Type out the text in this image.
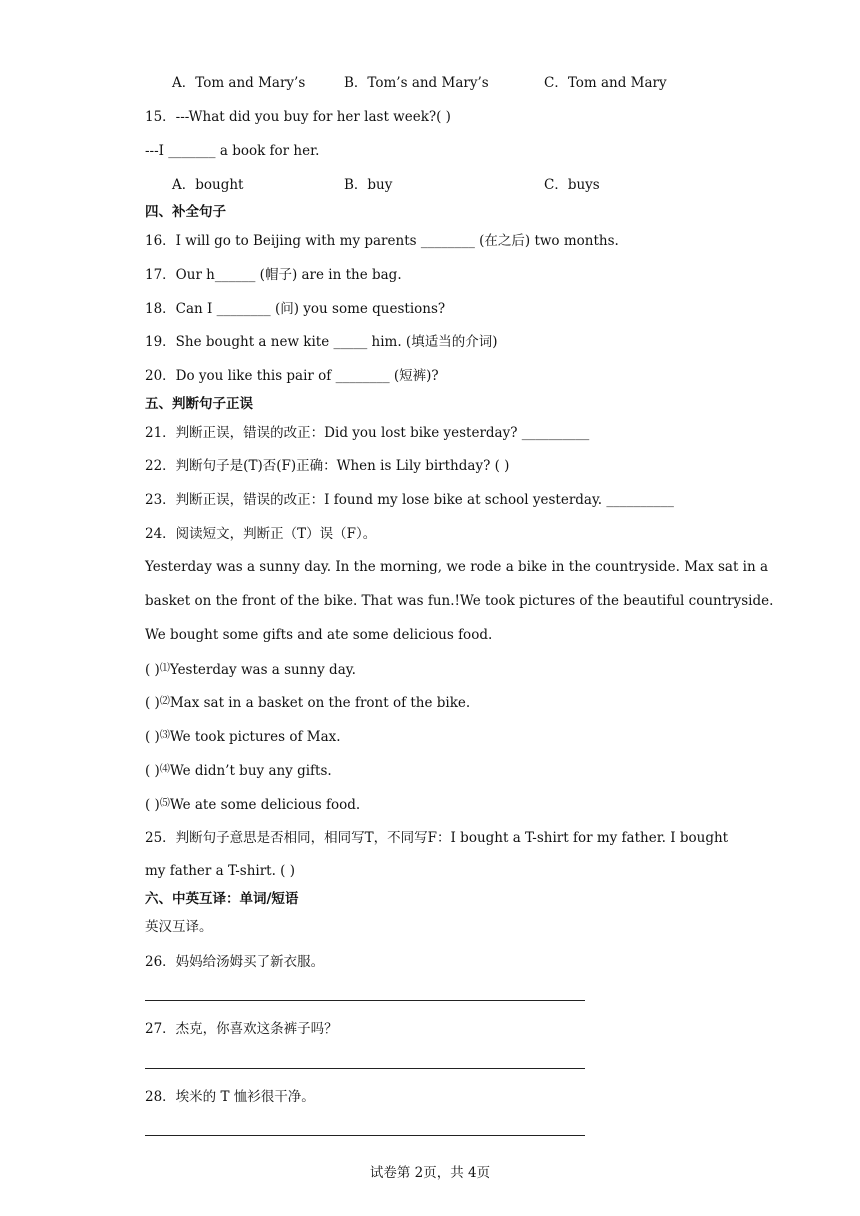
A．Tom and Mary’s	B．Tom’s and Mary’s	C．Tom and Mary
15．---What did you buy for her last week?( )
---I _______ a book for her.
A．bought	B．buy	C．buys
四、补全句子
16．I will go to Beijing with my parents ________ (在之后) two months.
17．Our h______ (帽子) are in the bag.
18．Can I ________ (问) you some questions?
19．She bought a new kite _____ him. (填适当的介词)
20．Do you like this pair of ________ (短裤)?
五、判断句子正误
21．判断正误，错误的改正：Did you lost bike yesterday? __________
22．判断句子是(T)否(F)正确：When is Lily birthday? ( )
23．判断正误，错误的改正：I found my lose bike at school yesterday. __________
24．阅读短文，判断正（T）误（F）。
Yesterday was a sunny day. In the morning, we rode a bike in the countryside. Max sat in a
basket on the front of the bike. That was fun.!We took pictures of the beautiful countryside.
We bought some gifts and ate some delicious food.
( )⑴Yesterday was a sunny day.
( )⑵Max sat in a basket on the front of the bike.
( )⑶We took pictures of Max.
( )⑷We didn’t buy any gifts.
( )⑸We ate some delicious food.
25．判断句子意思是否相同，相同写T，不同写F：I bought a T-shirt for my father. I bought
my father a T-shirt. ( )
六、中英互译：单词/短语
英汉互译。
26．妈妈给汤姆买了新衣服。
27．杰克，你喜欢这条裤子吗？
28．埃米的 T 恤衫很干净。
试卷第 2页，共 4页
